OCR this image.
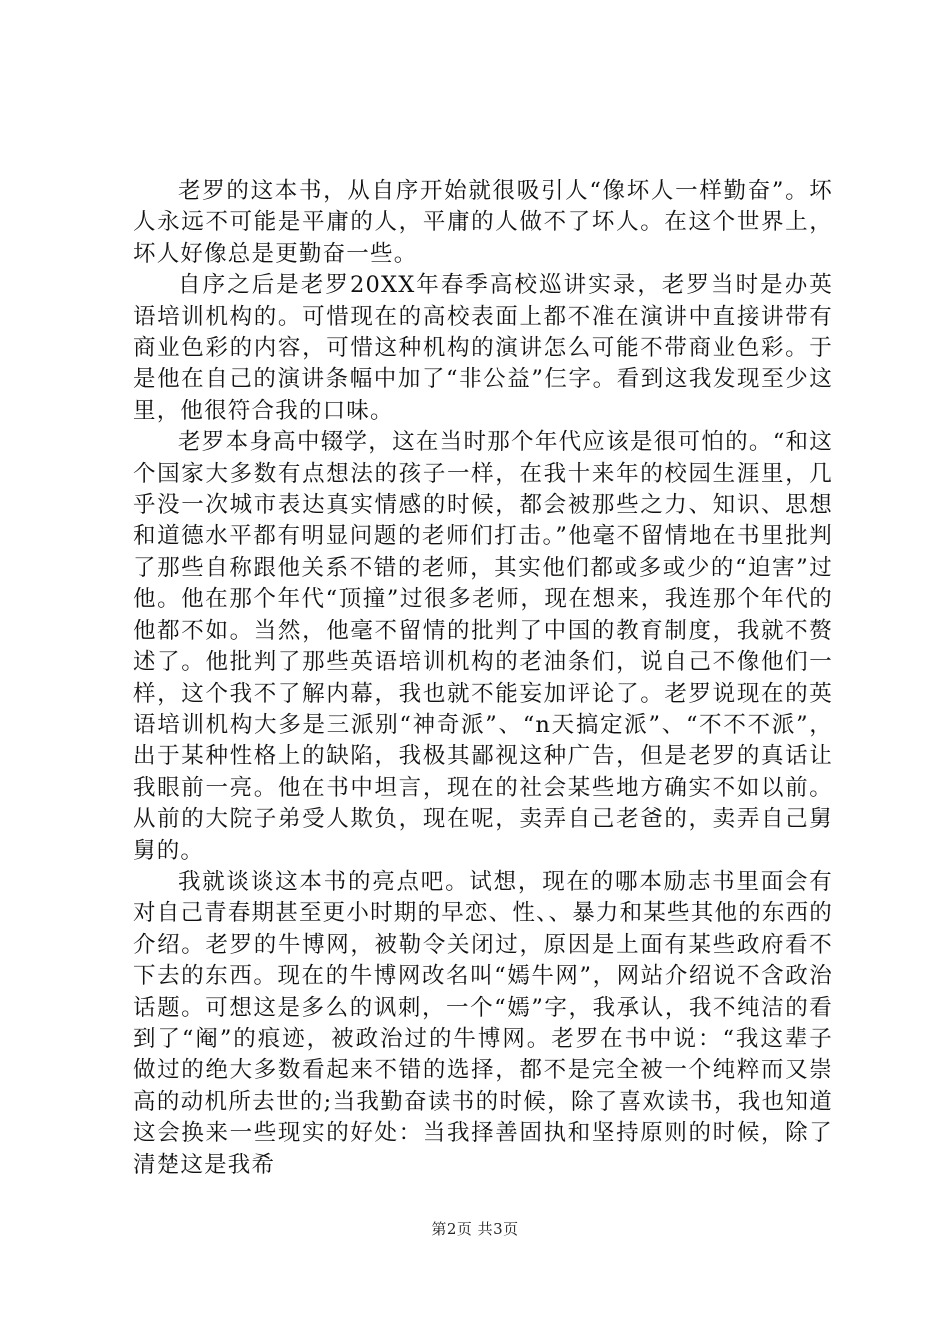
老罗的这本书，从自序开始就很吸引人“像坏人一样勤奋”。坏人永远不可能是平庸的人，平庸的人做不了坏人。在这个世界上，坏人好像总是更勤奋一些。

自序之后是老罗20XX年春季高校巡讲实录，老罗当时是办英语培训机构的。可惜现在的高校表面上都不准在演讲中直接讲带有商业色彩的内容，可惜这种机构的演讲怎么可能不带商业色彩。于是他在自己的演讲条幅中加了“非公益”仨字。看到这我发现至少这里，他很符合我的口味。

老罗本身高中辍学，这在当时那个年代应该是很可怕的。“和这个国家大多数有点想法的孩子一样，在我十来年的校园生涯里，几乎没一次城市表达真实情感的时候，都会被那些之力、知识、思想和道德水平都有明显问题的老师们打击。”他毫不留情地在书里批判了那些自称跟他关系不错的老师，其实他们都或多或少的“迫害”过他。他在那个年代“顶撞”过很多老师，现在想来，我连那个年代的他都不如。当然，他毫不留情的批判了中国的教育制度，我就不赘述了。他批判了那些英语培训机构的老油条们，说自己不像他们一样，这个我不了解内幕，我也就不能妄加评论了。老罗说现在的英语培训机构大多是三派别“神奇派”、“n天搞定派”、“不不不派”，出于某种性格上的缺陷，我极其鄙视这种广告，但是老罗的真话让我眼前一亮。他在书中坦言，现在的社会某些地方确实不如以前。从前的大院子弟受人欺负，现在呢，卖弄自己老爸的，卖弄自己舅舅的。

我就谈谈这本书的亮点吧。试想，现在的哪本励志书里面会有对自己青春期甚至更小时期的早恋、性、、暴力和某些其他的东西的介绍。老罗的牛博网，被勒令关闭过，原因是上面有某些政府看不下去的东西。现在的牛博网改名叫“嫣牛网”，网站介绍说不含政治话题。可想这是多么的讽刺，一个“嫣”字，我承认，我不纯洁的看到了“阉”的痕迹，被政治过的牛博网。老罗在书中说：“我这辈子做过的绝大多数看起来不错的选择，都不是完全被一个纯粹而又崇高的动机所去世的;当我勤奋读书的时候，除了喜欢读书，我也知道这会换来一些现实的好处：当我择善固执和坚持原则的时候，除了清楚这是我希

第2页 共3页
